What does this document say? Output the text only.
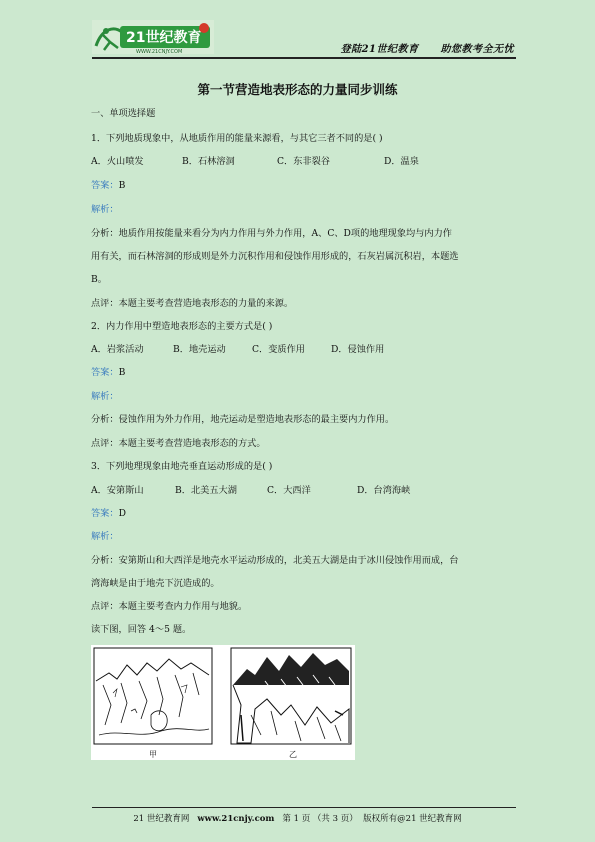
21世纪教育
WWW.21CNJY.COM	登陆21世纪教育 助您教考全无忧
第一节营造地表形态的力量同步训练
一、单项选择题
1．下列地质现象中，从地质作用的能量来源看，与其它三者不同的是( )
A．火山喷发	B．石林溶洞	C．东非裂谷	D．温泉
答案：B
解析：
分析：地质作用按能量来看分为内力作用与外力作用，A、C、D项的地理现象均与内力作
用有关，而石林溶洞的形成则是外力沉积作用和侵蚀作用形成的，石灰岩属沉积岩，本题选
B。
点评：本题主要考查营造地表形态的力量的来源。
2．内力作用中塑造地表形态的主要方式是( )
A．岩浆活动	B．地壳运动	C．变质作用	D．侵蚀作用
答案：B
解析：
分析：侵蚀作用为外力作用，地壳运动是塑造地表形态的最主要内力作用。
点评：本题主要考查营造地表形态的方式。
3．下列地理现象由地壳垂直运动形成的是( )
A．安第斯山	B．北美五大湖	C．大西洋	D．台湾海峡
答案：D
解析：
分析：安第斯山和大西洋是地壳水平运动形成的，北美五大湖是由于冰川侵蚀作用而成，台
湾海峡是由于地壳下沉造成的。
点评：本题主要考查内力作用与地貌。
读下图，回答 4～5 题。
甲	乙
21 世纪教育网 www.21cnjy.com 第 1 页 （共 3 页） 版权所有@21 世纪教育网
